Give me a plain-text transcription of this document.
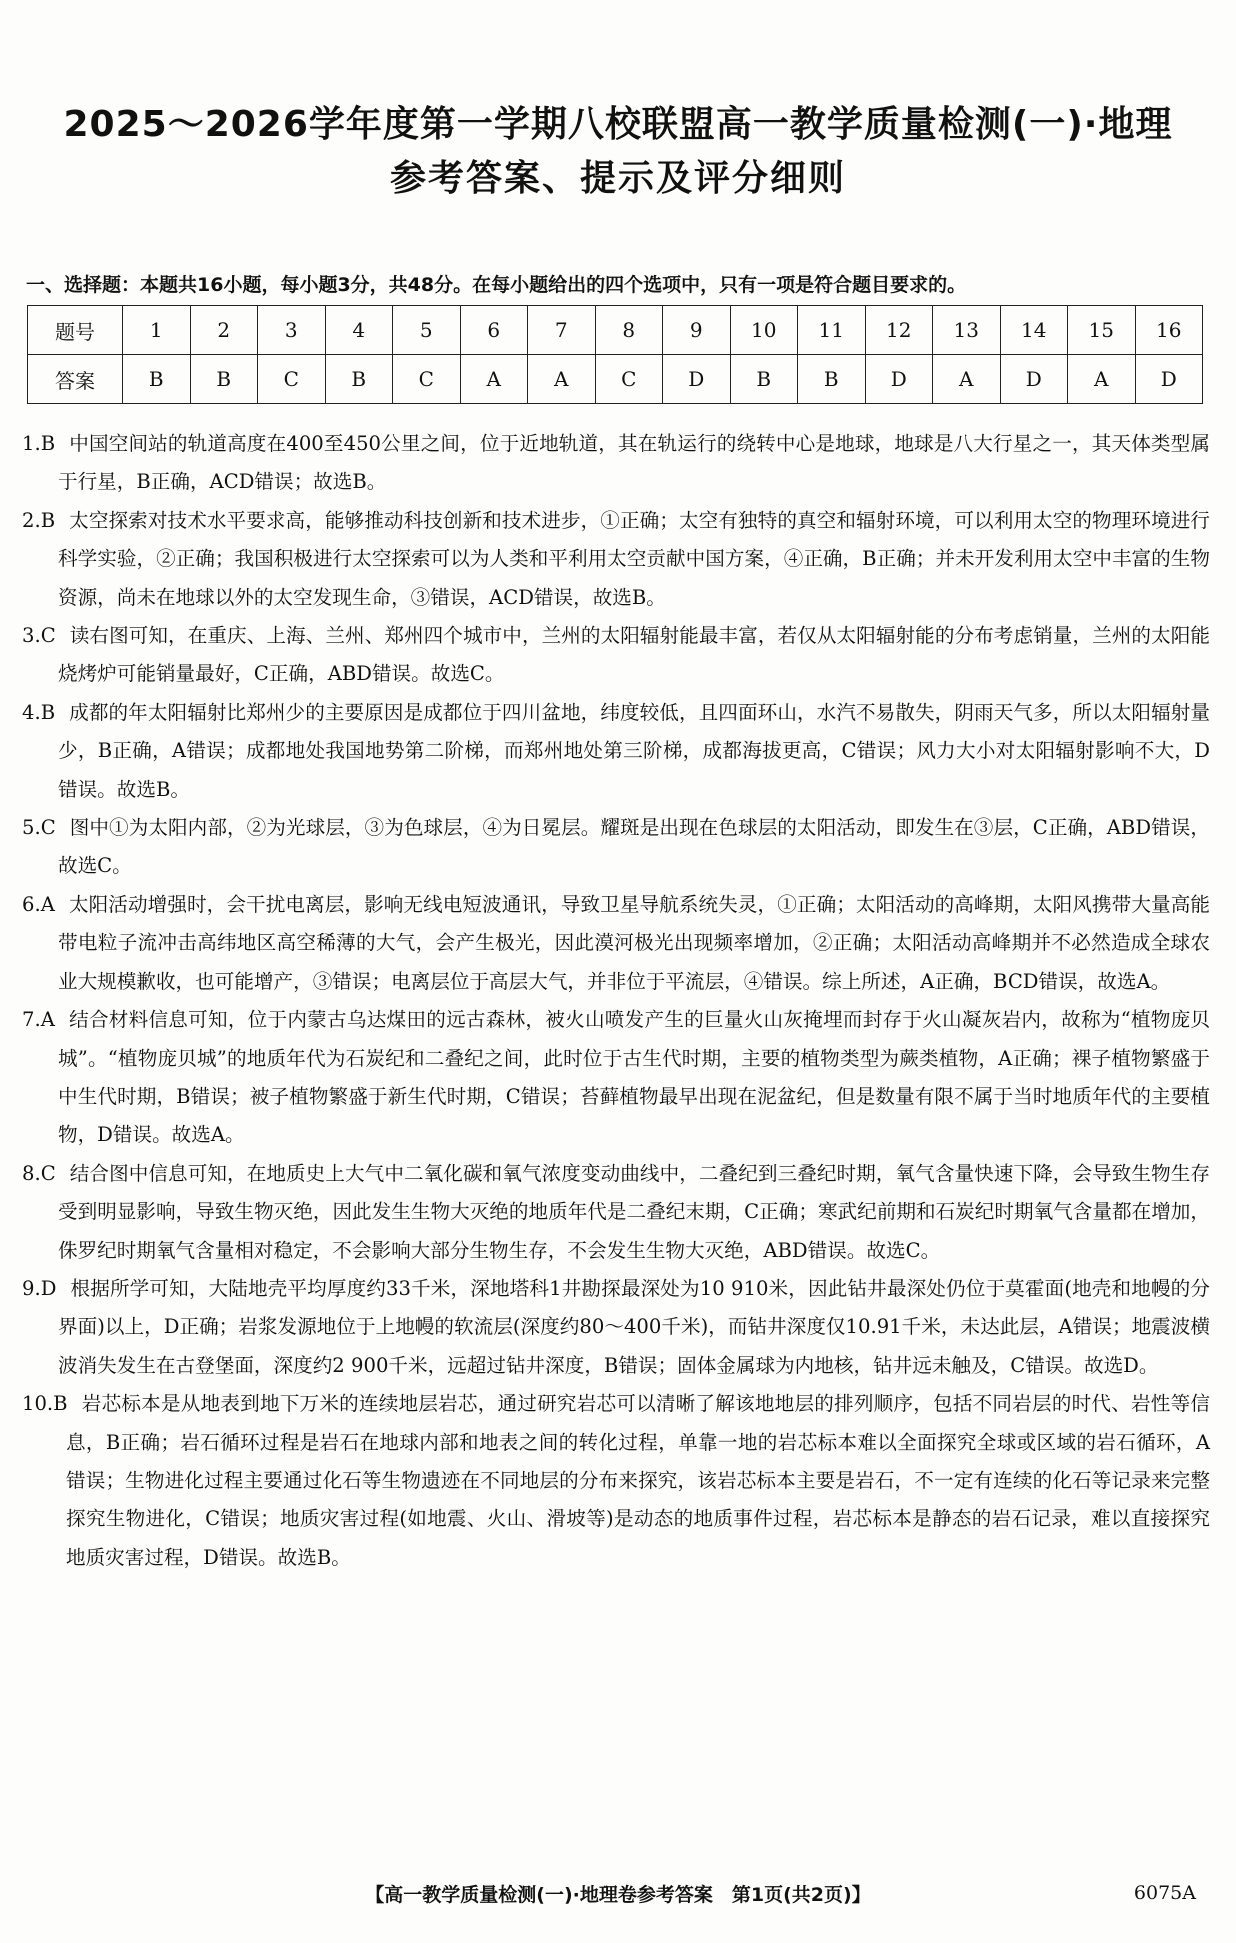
2025～2026学年度第一学期八校联盟高一教学质量检测(一)·地理
参考答案、提示及评分细则
一、选择题：本题共16小题，每小题3分，共48分。在每小题给出的四个选项中，只有一项是符合题目要求的。
题号	1	2	3	4	5	6	7	8	9	10	11	12	13	14	15	16
答案	B	B	C	B	C	A	A	C	D	B	B	D	A	D	A	D

1.B 中国空间站的轨道高度在400至450公里之间，位于近地轨道，其在轨运行的绕转中心是地球，地球是八大行星之一，其天体类型属于行星，B正确，ACD错误；故选B。

2.B 太空探索对技术水平要求高，能够推动科技创新和技术进步，①正确；太空有独特的真空和辐射环境，可以利用太空的物理环境进行科学实验，②正确；我国积极进行太空探索可以为人类和平利用太空贡献中国方案，④正确，B正确；并未开发利用太空中丰富的生物资源，尚未在地球以外的太空发现生命，③错误，ACD错误，故选B。

3.C 读右图可知，在重庆、上海、兰州、郑州四个城市中，兰州的太阳辐射能最丰富，若仅从太阳辐射能的分布考虑销量，兰州的太阳能烧烤炉可能销量最好，C正确，ABD错误。故选C。

4.B 成都的年太阳辐射比郑州少的主要原因是成都位于四川盆地，纬度较低，且四面环山，水汽不易散失，阴雨天气多，所以太阳辐射量少，B正确，A错误；成都地处我国地势第二阶梯，而郑州地处第三阶梯，成都海拔更高，C错误；风力大小对太阳辐射影响不大，D错误。故选B。

5.C 图中①为太阳内部，②为光球层，③为色球层，④为日冕层。耀斑是出现在色球层的太阳活动，即发生在③层，C正确，ABD错误，故选C。

6.A 太阳活动增强时，会干扰电离层，影响无线电短波通讯，导致卫星导航系统失灵，①正确；太阳活动的高峰期，太阳风携带大量高能带电粒子流冲击高纬地区高空稀薄的大气，会产生极光，因此漠河极光出现频率增加，②正确；太阳活动高峰期并不必然造成全球农业大规模歉收，也可能增产，③错误；电离层位于高层大气，并非位于平流层，④错误。综上所述，A正确，BCD错误，故选A。

7.A 结合材料信息可知，位于内蒙古乌达煤田的远古森林，被火山喷发产生的巨量火山灰掩埋而封存于火山凝灰岩内，故称为“植物庞贝城”。“植物庞贝城”的地质年代为石炭纪和二叠纪之间，此时位于古生代时期，主要的植物类型为蕨类植物，A正确；裸子植物繁盛于中生代时期，B错误；被子植物繁盛于新生代时期，C错误；苔藓植物最早出现在泥盆纪，但是数量有限不属于当时地质年代的主要植物，D错误。故选A。

8.C 结合图中信息可知，在地质史上大气中二氧化碳和氧气浓度变动曲线中，二叠纪到三叠纪时期，氧气含量快速下降，会导致生物生存受到明显影响，导致生物灭绝，因此发生生物大灭绝的地质年代是二叠纪末期，C正确；寒武纪前期和石炭纪时期氧气含量都在增加，侏罗纪时期氧气含量相对稳定，不会影响大部分生物生存，不会发生生物大灭绝，ABD错误。故选C。

9.D 根据所学可知，大陆地壳平均厚度约33千米，深地塔科1井勘探最深处为10 910米，因此钻井最深处仍位于莫霍面(地壳和地幔的分界面)以上，D正确；岩浆发源地位于上地幔的软流层(深度约80～400千米)，而钻井深度仅10.91千米，未达此层，A错误；地震波横波消失发生在古登堡面，深度约2 900千米，远超过钻井深度，B错误；固体金属球为内地核，钻井远未触及，C错误。故选D。

10.B 岩芯标本是从地表到地下万米的连续地层岩芯，通过研究岩芯可以清晰了解该地地层的排列顺序，包括不同岩层的时代、岩性等信息，B正确；岩石循环过程是岩石在地球内部和地表之间的转化过程，单靠一地的岩芯标本难以全面探究全球或区域的岩石循环，A错误；生物进化过程主要通过化石等生物遗迹在不同地层的分布来探究，该岩芯标本主要是岩石，不一定有连续的化石等记录来完整探究生物进化，C错误；地质灾害过程(如地震、火山、滑坡等)是动态的地质事件过程，岩芯标本是静态的岩石记录，难以直接探究地质灾害过程，D错误。故选B。

【高一教学质量检测(一)·地理卷参考答案　第1页(共2页)】	6075A
